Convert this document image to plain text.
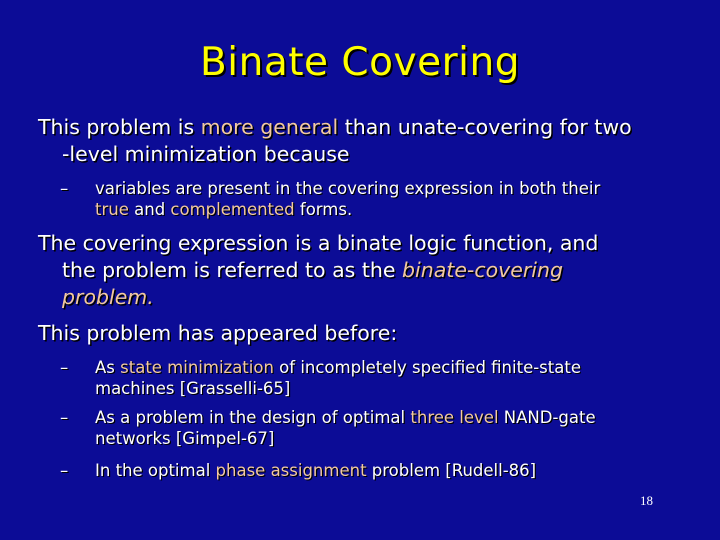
Binate Covering
This problem is more general than unate-covering for two
-level minimization because
– variables are present in the covering expression in both their
true and complemented forms.
The covering expression is a binate logic function, and
the problem is referred to as the binate-covering
problem.
This problem has appeared before:
– As state minimization of incompletely specified finite-state
machines [Grasselli-65]
– As a problem in the design of optimal three level NAND-gate
networks [Gimpel-67]
– In the optimal phase assignment problem [Rudell-86]
18
